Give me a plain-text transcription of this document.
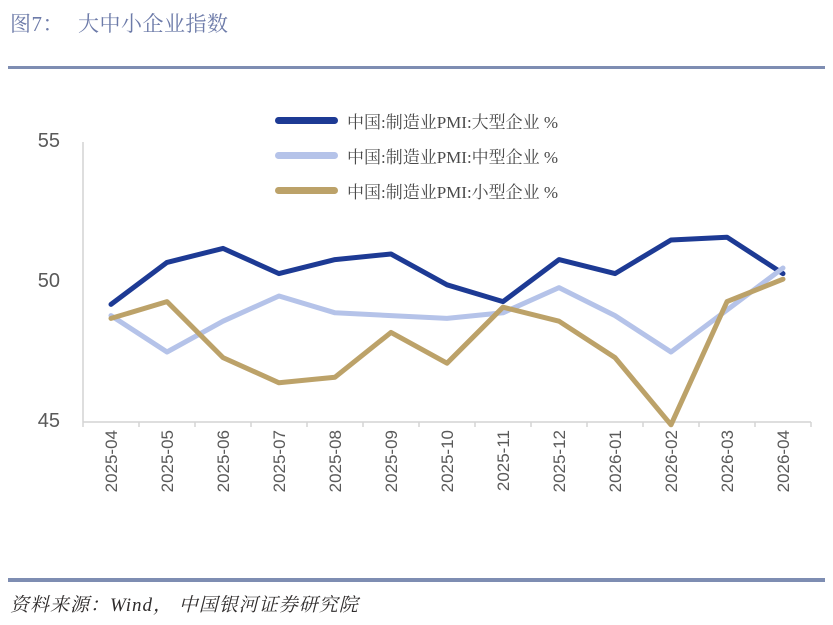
图7： 大中小企业指数
中国:制造业PMI:大型企业 %
中国:制造业PMI:中型企业 %
中国:制造业PMI:小型企业 %
55
50
45
2025-04 2025-05 2025-06 2025-07 2025-08 2025-09 2025-10 2025-11 2025-12 2026-01 2026-02 2026-03 2026-04
资料来源：Wind， 中国银河证券研究院
